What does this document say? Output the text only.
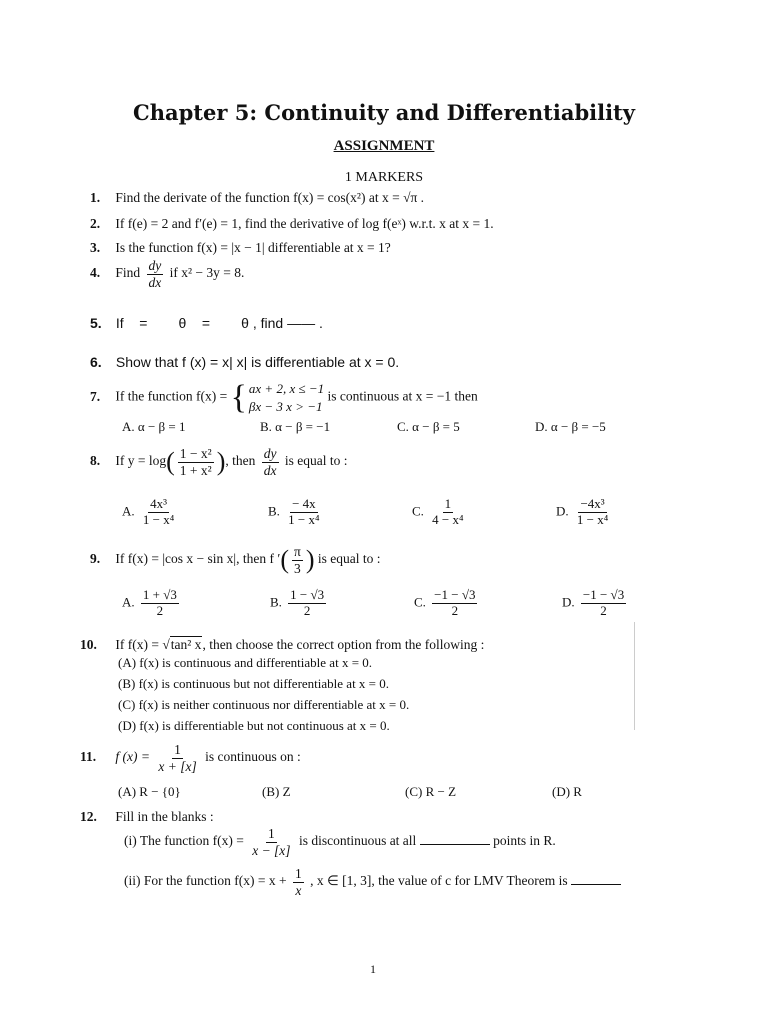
Chapter 5: Continuity and Differentiability
ASSIGNMENT
1 MARKERS
1. Find the derivate of the function f(x) = cos(x²) at x = √π .
2. If f(e) = 2 and f′(e) = 1, find the derivative of log f(eˣ) w.r.t. x at x = 1.
3. Is the function f(x) = |x − 1| differentiable at x = 1?
4. Find $\frac{dy}{dx}$ if x² − 3y = 8.
5. If    =        θ    =        θ , find —— .
6. Show that f (x) = x| x| is differentiable at x = 0.
7. If the function f(x) = { ax + 2, x ≤ −1
βx − 3 x > −1
is continuous at x = −1 then
A. α − β = 1	B. α − β = −1	C. α − β = 5	D. α − β = −5
8. If $y = \log( \frac{\text{1 − x²}}{\text{1 + x²}}$ ), then $\frac{dy}{dx}$ is equal to :
A. $\frac{\text{4x³}}{\text{1 − x⁴}}$	B. $\frac{- 4x}{\text{1 − x⁴}}$	C. $\frac{1}{\text{4 − x⁴}}$	D. $\frac{\text{−4x³}}{\text{1 − x⁴}}$
9. If f(x) = |cos x − sin x|, then f ′( $\frac{\pi}{3}$ ) is equal to :
A. $\frac{1 + √3}{2}$	B. $\frac{1 - √3}{2}$	C. $\frac{-1 - √3}{2}$	D. $\frac{-1 - √3}{2}$
10. If f(x) = √tan² x, then choose the correct option from the following :
(A) f(x) is continuous and differentiable at x = 0.
(B) f(x) is continuous but not differentiable at x = 0.
(C) f(x) is neither continuous nor differentiable at x = 0.
(D) f(x) is differentiable but not continuous at x = 0.
11. f $(x) = \frac{1}{x + [x]}$ is continuous on :
(A) R − {0}	(B) Z	(C) R − Z	(D) R
12. Fill in the blanks :
(i) The function $f(x) = \frac{1}{x - [x]}$ is discontinuous at all	points in R.
(ii) For the function $f(x) = x + \frac{1}{x}$ , x ∈ [1, 3], the value of c for LMV Theorem is
1
